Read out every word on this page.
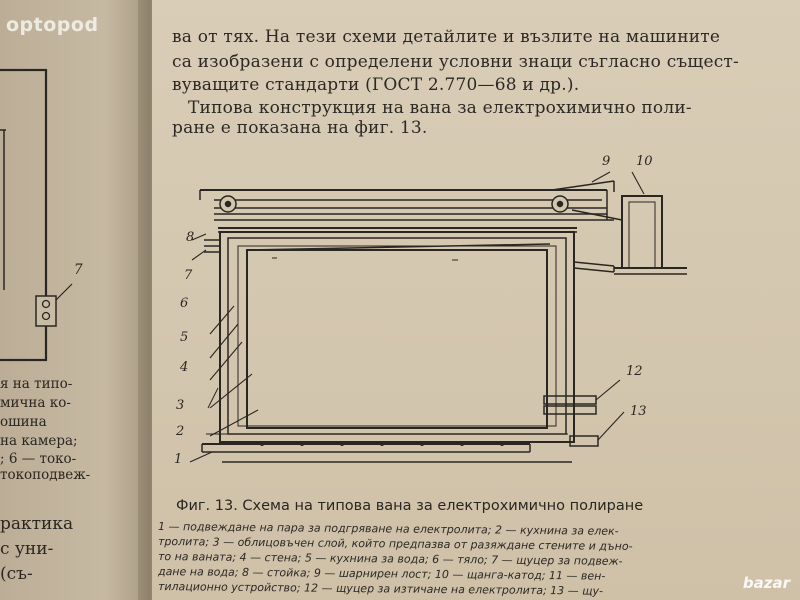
7
я на типо-
мична ко-
ошина
на камера;
; 6 — токо-
токоподвеж-
рактика
с уни-
(съ-
optopod
ва от тях. На тези схеми детайлите и възлите на машините
са изобразени с определени условни знаци съгласно същест-
вуващите стандарти (ГОСТ 2.770—68 и др.).
Типова конструкция на вана за електрохимично поли-
ране е показана на фиг. 13.
1
2
3
4
5
6
7
8
9 10
12
13
Фиг. 13. Схема на типова вана за електрохимично полиране
1 — подвеждане на пара за подгряване на електролита; 2 — кухнина за елек-
тролита; 3 — облицовъчен слой, който предпазва от разяждане стените и дъно-
то на ваната; 4 — стена; 5 — кухнина за вода; 6 — тяло; 7 — щуцер за подвеж-
дане на вода; 8 — стойка; 9 — шарнирен лост; 10 — щанга-катод; 11 — вен-
тилационно устройство; 12 — щуцер за изтичане на електролита; 13 — щу-	bazar
